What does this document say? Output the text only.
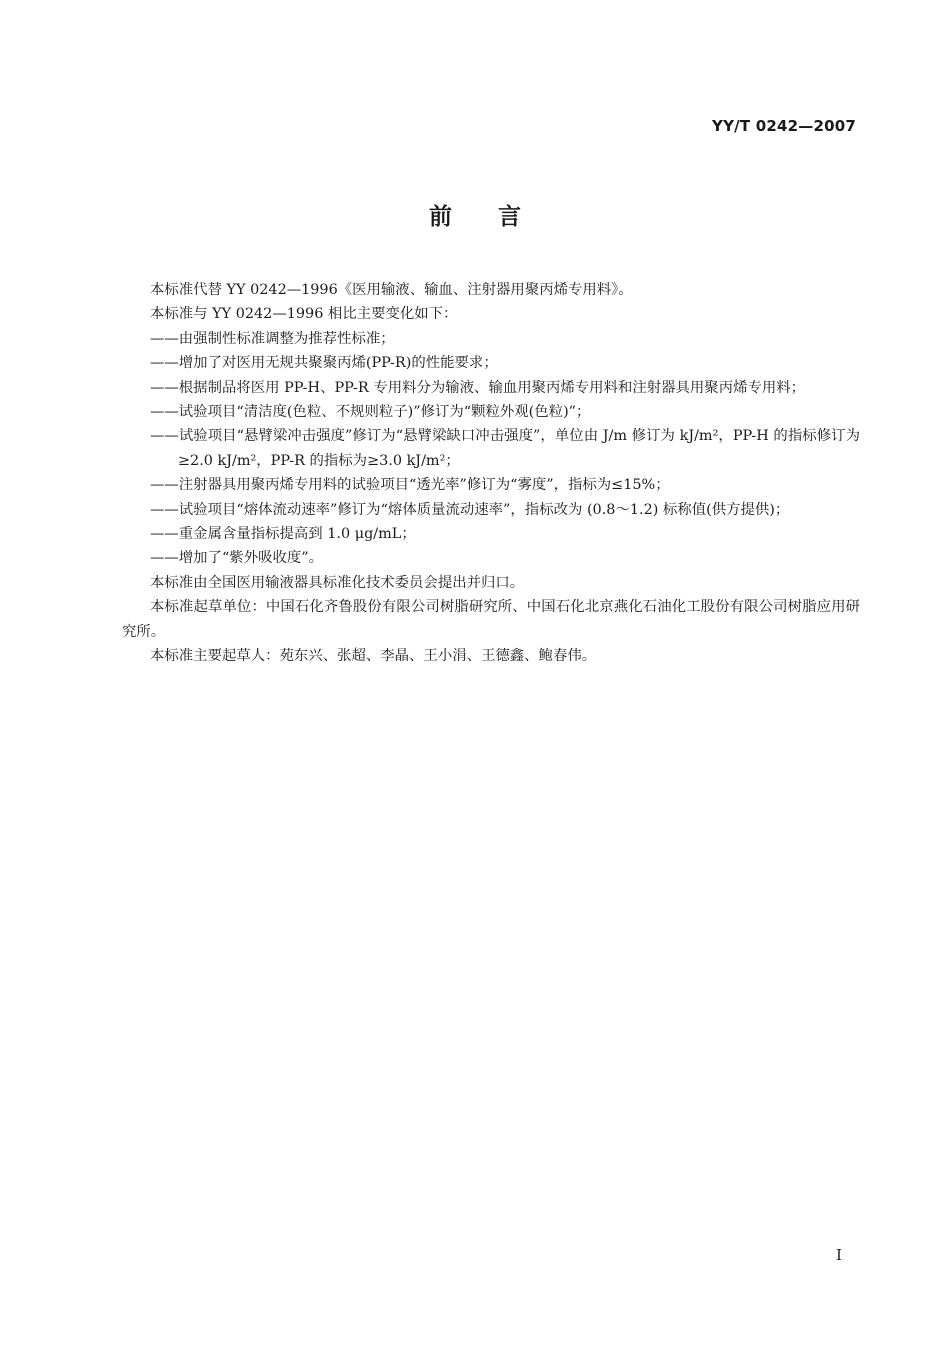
YY/T 0242—2007
前言
本标准代替 YY 0242—1996《医用输液、输血、注射器用聚丙烯专用料》。
本标准与 YY 0242—1996 相比主要变化如下：
——由强制性标准调整为推荐性标准；
——增加了对医用无规共聚聚丙烯(PP-R)的性能要求；
——根据制品将医用 PP-H、PP-R 专用料分为输液、输血用聚丙烯专用料和注射器具用聚丙烯专用料；
——试验项目“清洁度(色粒、不规则粒子)”修订为“颗粒外观(色粒)”；
——试验项目“悬臂梁冲击强度”修订为“悬臂梁缺口冲击强度”，单位由 J/m 修订为 kJ/m²，PP-H 的指标修订为≥2.0 kJ/m²，PP-R 的指标为≥3.0 kJ/m²；
——注射器具用聚丙烯专用料的试验项目“透光率”修订为“雾度”，指标为≤15%；
——试验项目“熔体流动速率”修订为“熔体质量流动速率”，指标改为 (0.8～1.2) 标称值(供方提供)；
——重金属含量指标提高到 1.0 μg/mL；
——增加了“紫外吸收度”。
本标准由全国医用输液器具标准化技术委员会提出并归口。
本标准起草单位：中国石化齐鲁股份有限公司树脂研究所、中国石化北京燕化石油化工股份有限公司树脂应用研究所。
本标准主要起草人：苑东兴、张超、李晶、王小涓、王德鑫、鲍春伟。
I
